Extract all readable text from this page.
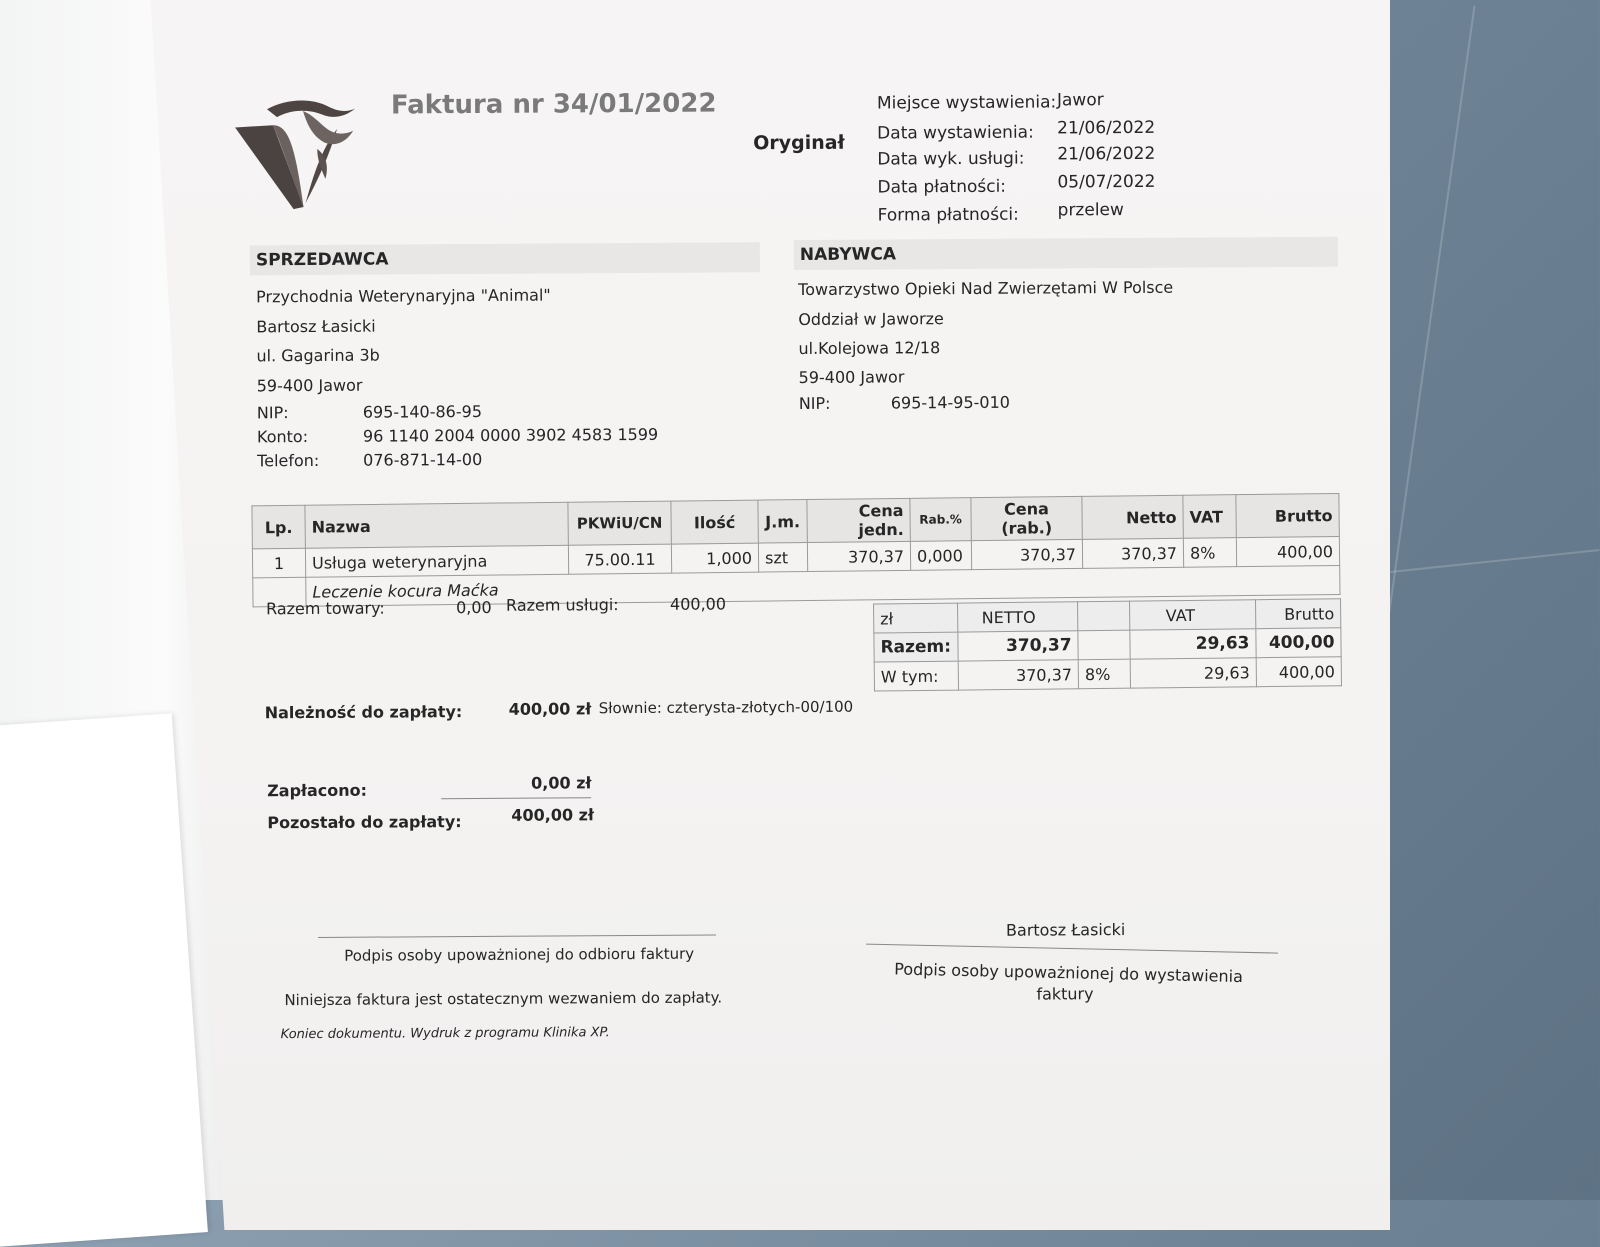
Faktura nr 34/01/2022
Oryginał
Miejsce wystawienia: Jawor
Data wystawienia: 21/06/2022
Data wyk. usługi: 21/06/2022
Data płatności:	05/07/2022
Forma płatności: przelew
SPRZEDAWCA	NABYWCA
Przychodnia Weterynaryjna "Animal"
Bartosz Łasicki
ul. Gagarina 3b
59-400 Jawor
NIP:	695-140-86-95
Konto:	96 1140 2004 0000 3902 4583 1599
Telefon:	076-871-14-00
Towarzystwo Opieki Nad Zwierzętami W Polsce
Oddział w Jaworze
ul.Kolejowa 12/18
59-400 Jawor
NIP:	695-14-95-010
Lp.	Nazwa	PKWiU/CN	Ilość	J.m.	Cena jedn.	Rab.%	Cena (rab.)	Netto	VAT	Brutto
1	Usługa weterynaryjna	75.00.11	1,000	szt	370,37	0,000	370,37	370,37	8%	400,00
	Leczenie kocura Maćka									
Razem towary:	0,00 Razem usługi:	400,00
zł	NETTO		VAT	Brutto
Razem:	370,37		29,63	400,00
W tym:	370,37	8%	29,63	400,00
Należność do zapłaty:	400,00 zł Słownie: czterysta-złotych-00/100
Zapłacono:	0,00 zł
Pozostało do zapłaty:	400,00 zł
Podpis osoby upoważnionej do odbioru faktury
Bartosz Łasicki
Podpis osoby upoważnionej do wystawienia
faktury
Niniejsza faktura jest ostatecznym wezwaniem do zapłaty.
Koniec dokumentu. Wydruk z programu Klinika XP.
